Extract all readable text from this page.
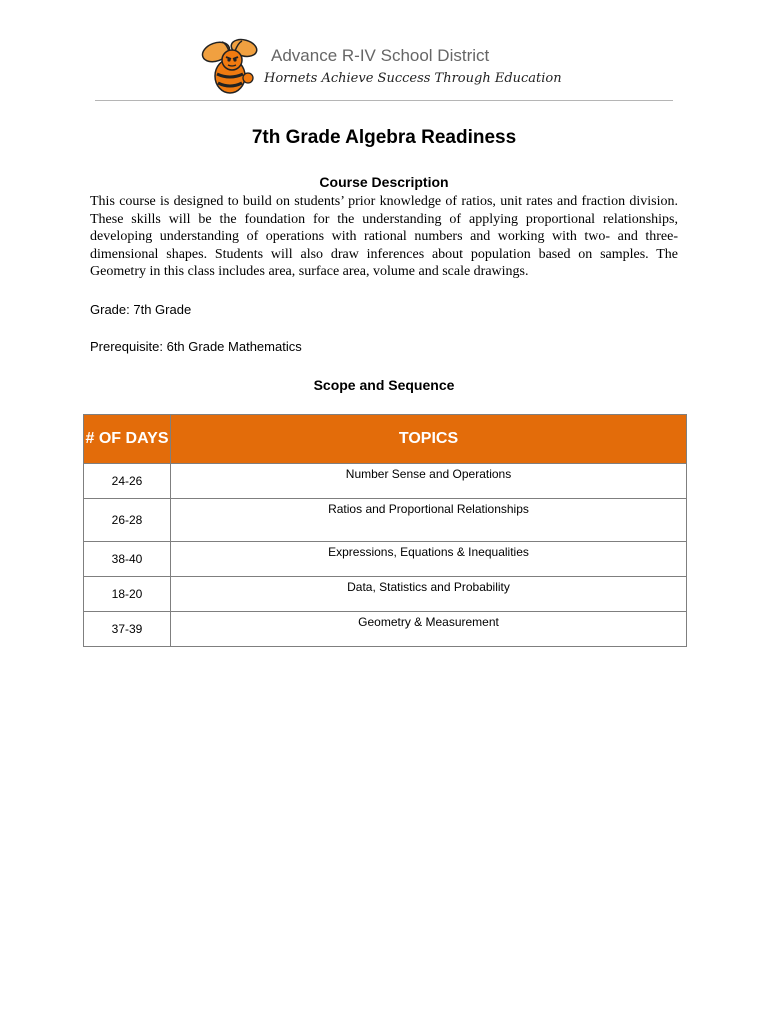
Advance R-IV School District
Hornets Achieve Success Through Education
7th Grade Algebra Readiness
Course Description

This course is designed to build on students’ prior knowledge of ratios, unit rates and fraction division. These skills will be the foundation for the understanding of applying proportional relationships, developing understanding of operations with rational numbers and working with two- and three-dimensional shapes. Students will also draw inferences about population based on samples. The Geometry in this class includes area, surface area, volume and scale drawings.

Grade: 7th Grade
Prerequisite: 6th Grade Mathematics
Scope and Sequence
# OF DAYS	TOPICS
24-26	Number Sense and Operations
26-28	Ratios and Proportional Relationships
38-40	Expressions, Equations & Inequalities
18-20	Data, Statistics and Probability
37-39	Geometry & Measurement
